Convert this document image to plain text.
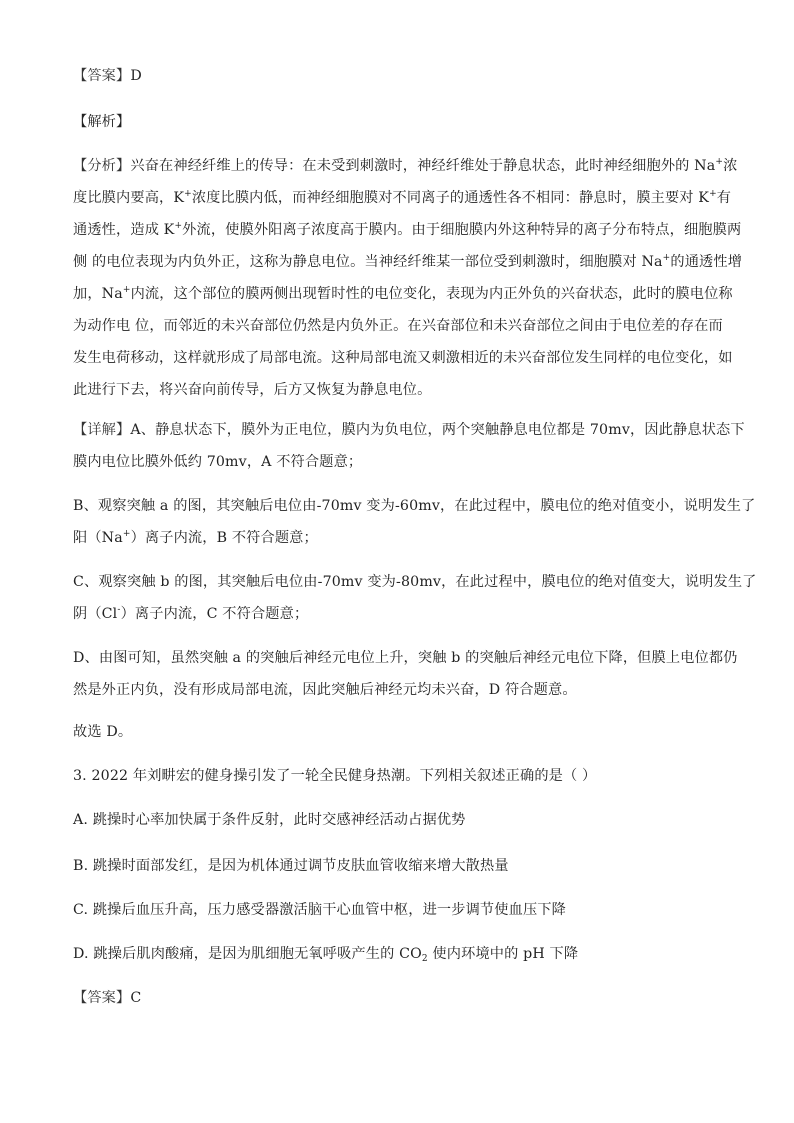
【答案】D
【解析】
【分析】兴奋在神经纤维上的传导：在未受到刺激时，神经纤维处于静息状态，此时神经细胞外的 Na+浓
度比膜内要高，K+浓度比膜内低，而神经细胞膜对不同离子的通透性各不相同：静息时，膜主要对 K+有
通透性，造成 K+外流，使膜外阳离子浓度高于膜内。由于细胞膜内外这种特异的离子分布特点，细胞膜两
侧 的电位表现为内负外正，这称为静息电位。当神经纤维某一部位受到刺激时，细胞膜对 Na+的通透性增
加，Na+内流，这个部位的膜两侧出现暂时性的电位变化，表现为内正外负的兴奋状态，此时的膜电位称
为动作电 位，而邻近的未兴奋部位仍然是内负外正。在兴奋部位和未兴奋部位之间由于电位差的存在而
发生电荷移动，这样就形成了局部电流。这种局部电流又刺激相近的未兴奋部位发生同样的电位变化，如
此进行下去，将兴奋向前传导，后方又恢复为静息电位。
【详解】A、静息状态下，膜外为正电位，膜内为负电位，两个突触静息电位都是 70mv，因此静息状态下
膜内电位比膜外低约 70mv，A 不符合题意；
B、观察突触 a 的图，其突触后电位由-70mv 变为-60mv，在此过程中，膜电位的绝对值变小，说明发生了
阳（Na+）离子内流，B 不符合题意；
C、观察突触 b 的图，其突触后电位由-70mv 变为-80mv，在此过程中，膜电位的绝对值变大，说明发生了
阴（Cl-）离子内流，C 不符合题意；
D、由图可知，虽然突触 a 的突触后神经元电位上升，突触 b 的突触后神经元电位下降，但膜上电位都仍
然是外正内负，没有形成局部电流，因此突触后神经元均未兴奋，D 符合题意。
故选 D。
3. 2022 年刘畊宏的健身操引发了一轮全民健身热潮。下列相关叙述正确的是（ ）
A. 跳操时心率加快属于条件反射，此时交感神经活动占据优势
B. 跳操时面部发红，是因为机体通过调节皮肤血管收缩来增大散热量
C. 跳操后血压升高，压力感受器激活脑干心血管中枢，进一步调节使血压下降
D. 跳操后肌肉酸痛，是因为肌细胞无氧呼吸产生的 $CO_2$ 使内环境中的 pH 下降
【答案】C
